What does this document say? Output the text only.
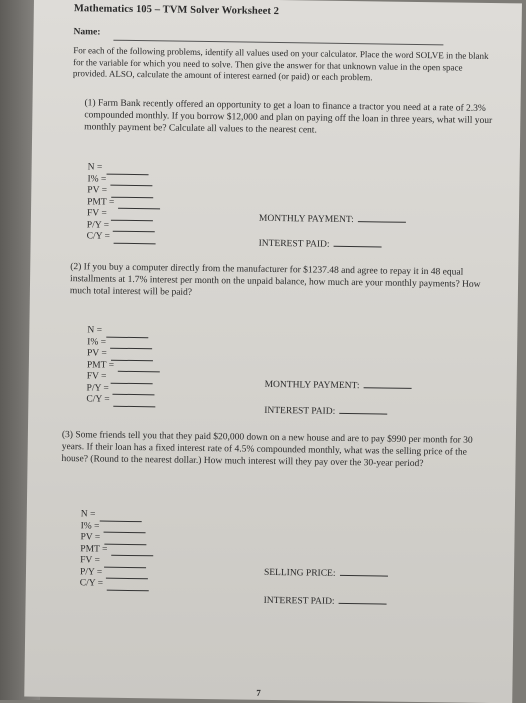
Mathematics 105 – TVM Solver Worksheet 2
Name:
For each of the following problems, identify all values used on your calculator. Place the word SOLVE in the blank for the variable for which you need to solve. Then give the answer for that unknown value in the open space provided. ALSO, calculate the amount of interest earned (or paid) or each problem.
(1) Farm Bank recently offered an opportunity to get a loan to finance a tractor you need at a rate of 2.3% compounded monthly. If you borrow $12,000 and plan on paying off the loan in three years, what will your monthly payment be? Calculate all values to the nearest cent.
N =
I% =
PV =
PMT =
FV =
P/Y =
C/Y =
MONTHLY PAYMENT:
INTEREST PAID:
(2) If you buy a computer directly from the manufacturer for $1237.48 and agree to repay it in 48 equal installments at 1.7% interest per month on the unpaid balance, how much are your monthly payments? How much total interest will be paid?
N =
I% =
PV =
PMT =
FV =
P/Y =
C/Y =
MONTHLY PAYMENT:
INTEREST PAID:
(3) Some friends tell you that they paid $20,000 down on a new house and are to pay $990 per month for 30 years. If their loan has a fixed interest rate of 4.5% compounded monthly, what was the selling price of the house? (Round to the nearest dollar.) How much interest will they pay over the 30-year period?
N =
I% =
PV =
PMT =
FV =
P/Y =
C/Y =
SELLING PRICE:
INTEREST PAID:
7
